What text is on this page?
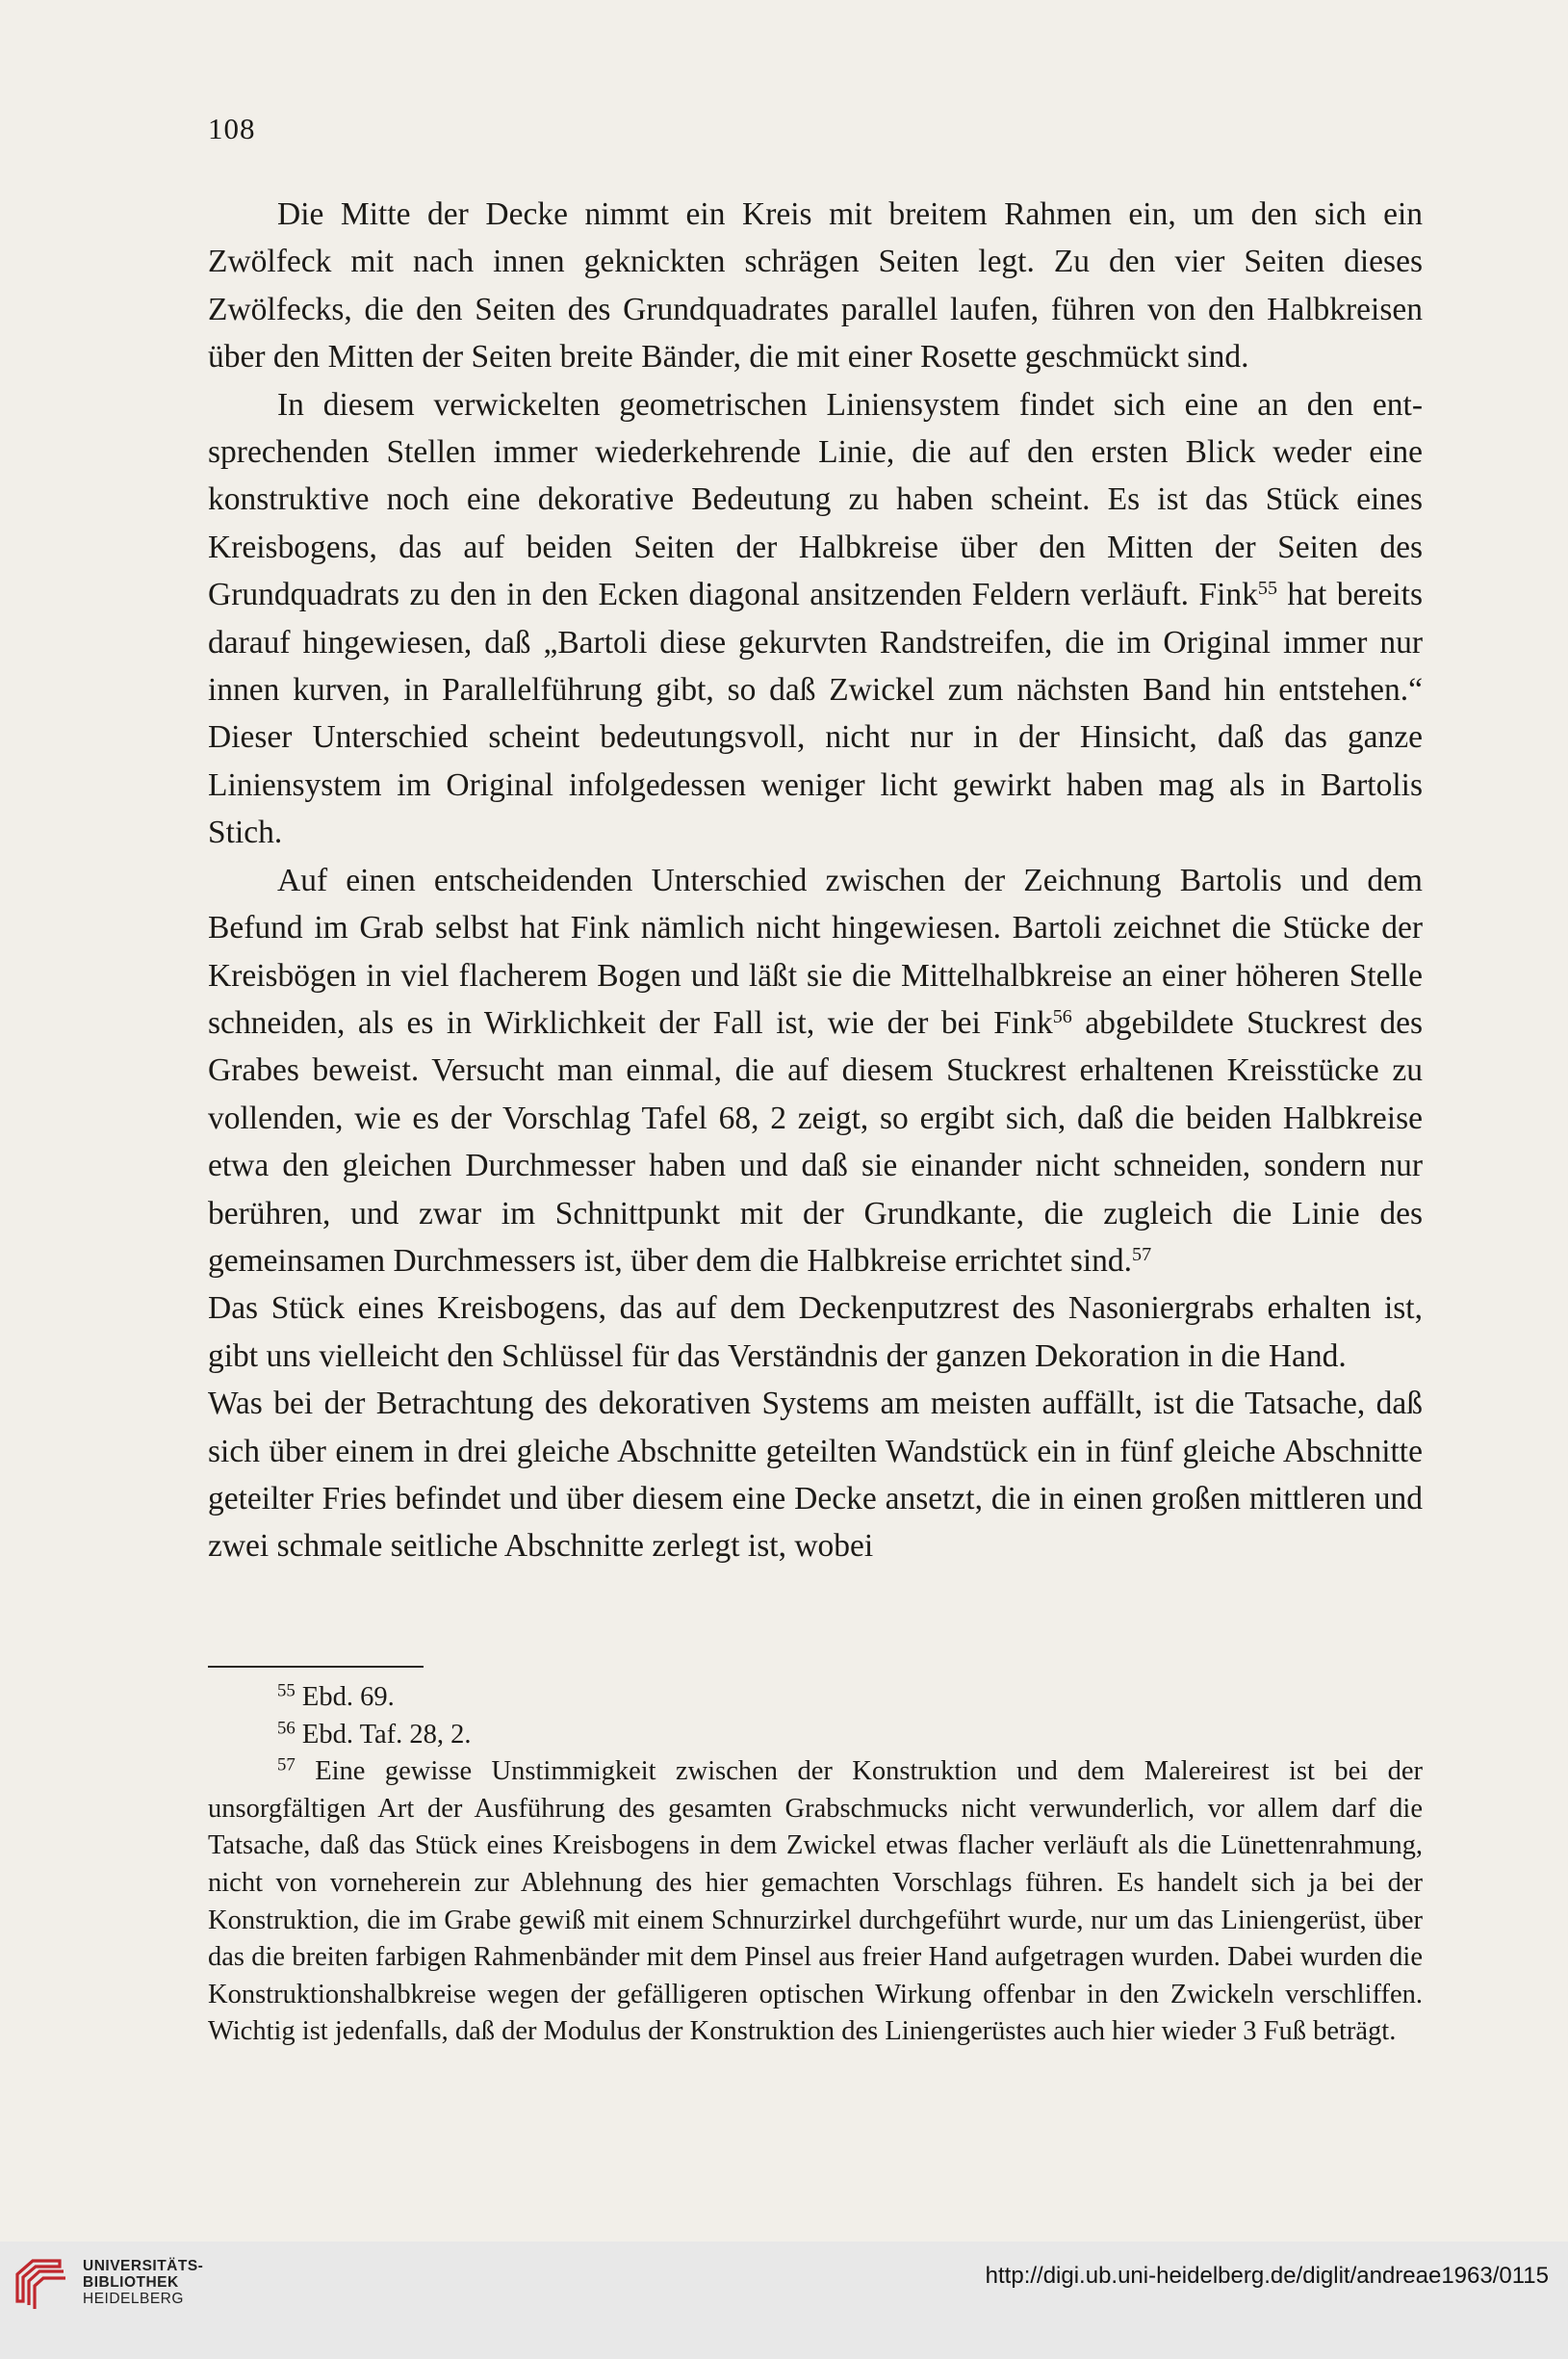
108

Die Mitte der Decke nimmt ein Kreis mit breitem Rahmen ein, um den sich ein Zwölfeck mit nach innen geknickten schrägen Seiten legt. Zu den vier Seiten dieses Zwölfecks, die den Seiten des Grundquadrates parallel laufen, führen von den Halbkreisen über den Mitten der Seiten breite Bänder, die mit einer Rosette geschmückt sind.

In diesem verwickelten geometrischen Liniensystem findet sich eine an den entsprechenden Stellen immer wiederkehrende Linie, die auf den ersten Blick weder eine konstruktive noch eine dekorative Bedeutung zu haben scheint. Es ist das Stück eines Kreisbogens, das auf beiden Seiten der Halbkreise über den Mitten der Seiten des Grundquadrats zu den in den Ecken diagonal ansitzenden Feldern verläuft. Fink$^{55}$ hat bereits darauf hingewiesen, daß „Bartoli diese gekurvten Randstreifen, die im Original immer nur innen kurven, in Parallelführung gibt, so daß Zwickel zum nächsten Band hin entstehen.“ Dieser Unterschied scheint bedeutungsvoll, nicht nur in der Hinsicht, daß das ganze Liniensystem im Original infolgedessen weniger licht gewirkt haben mag als in Bartolis Stich.

Auf einen entscheidenden Unterschied zwischen der Zeichnung Bartolis und dem Befund im Grab selbst hat Fink nämlich nicht hingewiesen. Bartoli zeichnet die Stücke der Kreisbögen in viel flacherem Bogen und läßt sie die Mittelhalbkreise an einer höheren Stelle schneiden, als es in Wirklichkeit der Fall ist, wie der bei Fink$^{56}$ abgebildete Stuckrest des Grabes beweist. Versucht man einmal, die auf diesem Stuckrest erhaltenen Kreisstücke zu vollenden, wie es der Vorschlag Tafel 68, 2 zeigt, so ergibt sich, daß die beiden Halbkreise etwa den gleichen Durchmesser haben und daß sie einander nicht schneiden, sondern nur berühren, und zwar im Schnittpunkt mit der Grundkante, die zugleich die Linie des gemeinsamen Durchmessers ist, über dem die Halbkreise errichtet sind.$^{57}$

Das Stück eines Kreisbogens, das auf dem Deckenputzrest des Nasoniergrabs erhalten ist, gibt uns vielleicht den Schlüssel für das Verständnis der ganzen Dekoration in die Hand.

Was bei der Betrachtung des dekorativen Systems am meisten auffällt, ist die Tatsache, daß sich über einem in drei gleiche Abschnitte geteilten Wandstück ein in fünf gleiche Abschnitte geteilter Fries befindet und über diesem eine Decke ansetzt, die in einen großen mittleren und zwei schmale seitliche Abschnitte zerlegt ist, wobei

$^{55}$ Ebd. 69.

$^{56}$ Ebd. Taf. 28, 2.

$^{57}$ Eine gewisse Unstimmigkeit zwischen der Konstruktion und dem Malereirest ist bei der unsorgfältigen Art der Ausführung des gesamten Grabschmucks nicht verwunderlich, vor allem darf die Tatsache, daß das Stück eines Kreisbogens in dem Zwickel etwas flacher verläuft als die Lünettenrahmung, nicht von vorneherein zur Ablehnung des hier gemachten Vorschlags führen. Es handelt sich ja bei der Konstruktion, die im Grabe gewiß mit einem Schnurzirkel durchgeführt wurde, nur um das Liniengerüst, über das die breiten farbigen Rahmenbänder mit dem Pinsel aus freier Hand aufgetragen wurden. Dabei wurden die Konstruktionshalbkreise wegen der gefälligeren optischen Wirkung offenbar in den Zwickeln verschliffen. Wichtig ist jedenfalls, daß der Modulus der Konstruktion des Liniengerüstes auch hier wieder 3 Fuß beträgt.

UNIVERSITÄTS-
BIBLIOTHEK
HEIDELBERG
http://digi.ub.uni-heidelberg.de/diglit/andreae1963/0115
